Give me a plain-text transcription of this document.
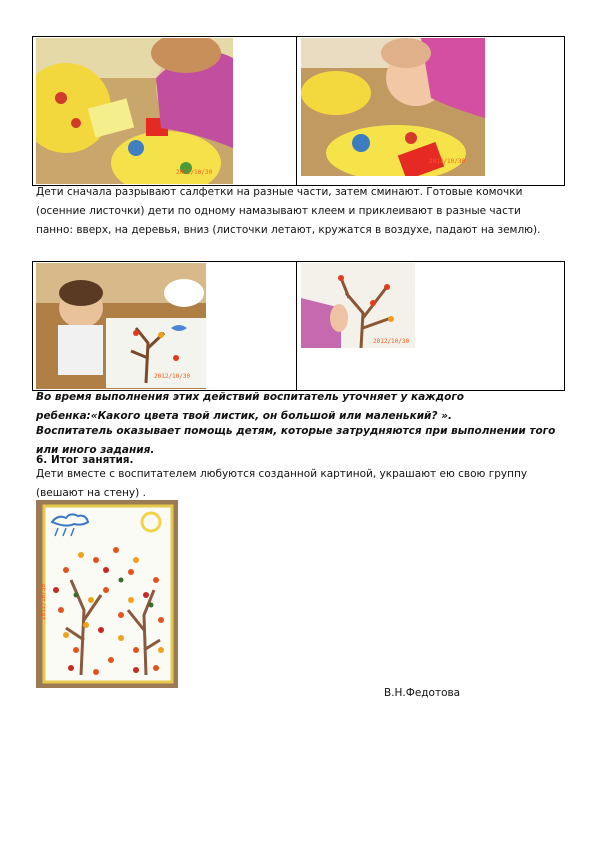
2012/10/30

2012/10/30
Дети сначала разрывают салфетки на разные части, затем сминают. Готовые комочки (осенние листочки) дети по одному намазывают клеем и приклеивают в разные части панно: вверх, на деревья, вниз (листочки летают, кружатся в воздухе, падают на землю).
2012/10/30

2012/10/30
Во время выполнения этих действий воспитатель уточняет у каждого ребенка:«Какого цвета твой листик, он большой или маленький? ».
Воспитатель оказывает помощь детям, которые затрудняются при выполнении того или иного задания.
6. Итог занятия.
Дети вместе с воспитателем любуются созданной картиной, украшают ею свою группу (вешают на стену) .
2012/10/30
В.Н.Федотова
